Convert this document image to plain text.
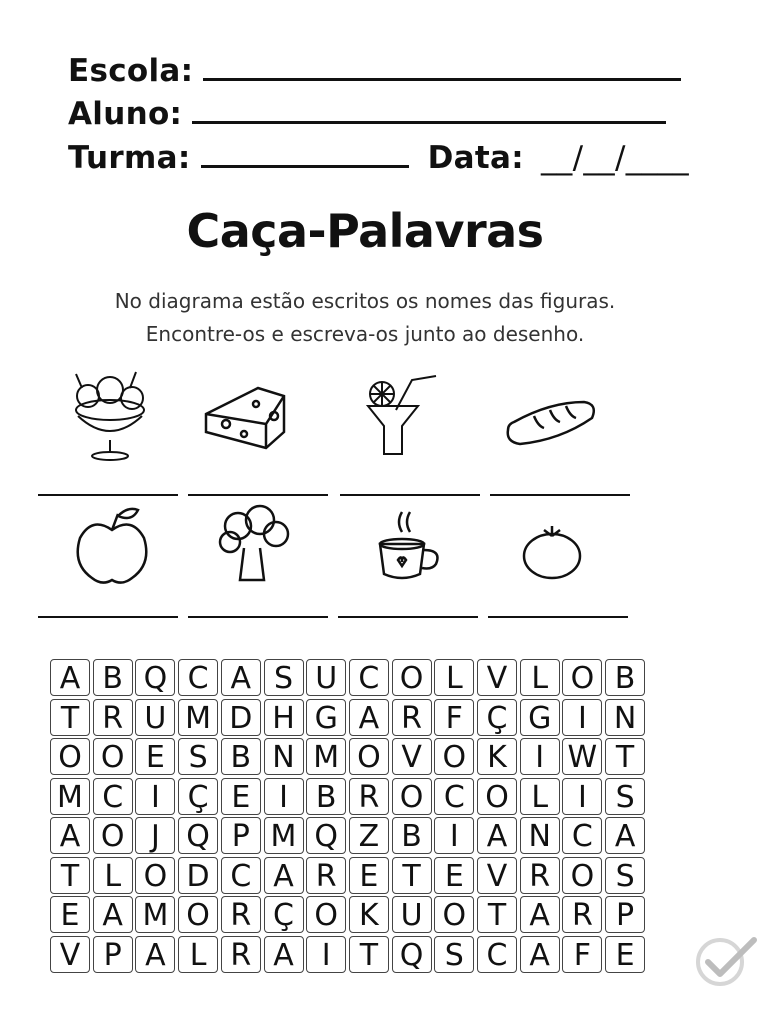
Escola:
Aluno:
Turma:	Data: __/__/____
Caça-Palavras
No diagrama estão escritos os nomes das figuras.
Encontre-os e escreva-os junto ao desenho.
A B Q C A S U C O L V L O B
T R U M D H G A R F Ç G I N
O O E S B N M O V O K I W T
M C I Ç E I B R O C O L I S
A O J Q P M Q Z B I A N C A
T L O D C A R E T E V R O S
E A M O R Ç O K U O T A R P
V P A L R A I T Q S C A F E
